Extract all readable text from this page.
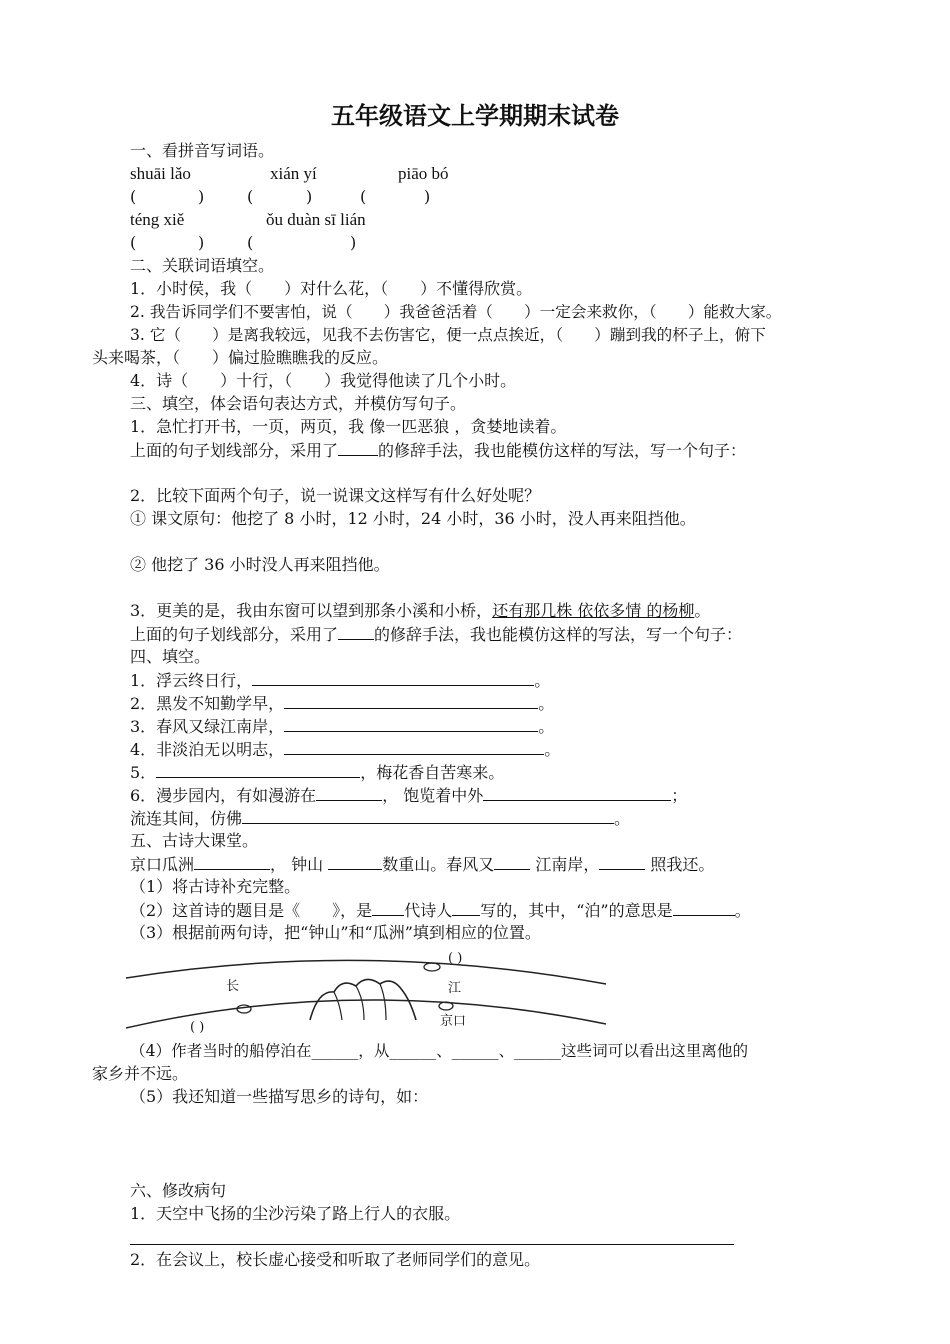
五年级语文上学期期末试卷
一、看拼音写词语。
shuāi lǎo	xián yí	piāo bó
(	)	(	)	(	)
téng xiě	ǒu duàn sī lián
(	)	(	)
二、关联词语填空。
1．小时侯，我（　　）对什么花，（　　）不懂得欣赏。
2. 我告诉同学们不要害怕，说（　　）我爸爸活着（　　）一定会来救你，（　　）能救大家。
3. 它（　　）是离我较远，见我不去伤害它，便一点点挨近，（　　）蹦到我的杯子上，俯下
头来喝茶，（　　）偏过脸瞧瞧我的反应。
4．诗（　　）十行，（　　）我觉得他读了几个小时。
三、填空，体会语句表达方式，并模仿写句子。
1．急忙打开书，一页，两页，我 像一匹恶狼 ，贪婪地读着。
上面的句子划线部分，采用了	的修辞手法，我也能模仿这样的写法，写一个句子：
2．比较下面两个句子，说一说课文这样写有什么好处呢？
① 课文原句：他挖了 8 小时，12 小时，24 小时，36 小时，没人再来阻挡他。
② 他挖了 36 小时没人再来阻挡他。
3．更美的是，我由东窗可以望到那条小溪和小桥，还有那几株 依依多情 的杨柳。
上面的句子划线部分，采用了 的修辞手法，我也能模仿这样的写法，写一个句子：
四、填空。
1．浮云终日行，	。
2．黑发不知勤学早，	。
3．春风又绿江南岸，	。
4．非淡泊无以明志，	。
5．	，梅花香自苦寒来。
6．漫步园内，有如漫游在	， 饱览着中外	；
流连其间，仿佛	。
五、古诗大课堂。
京口瓜洲	， 钟山	数重山。春风又	江南岸，	照我还。
（1）将古诗补充完整。
（2）这首诗的题目是《　　》，是 代诗人 写的，其中，“泊”的意思是	。
（3）根据前两句诗，把“钟山”和“瓜洲”填到相应的位置。
( )
长	江
京口
( )
（4）作者当时的船停泊在______，从______、______、______这些词可以看出这里离他的
家乡并不远。
（5）我还知道一些描写思乡的诗句，如：
六、修改病句
1．天空中飞扬的尘沙污染了路上行人的衣服。
2．在会议上，校长虚心接受和听取了老师同学们的意见。
